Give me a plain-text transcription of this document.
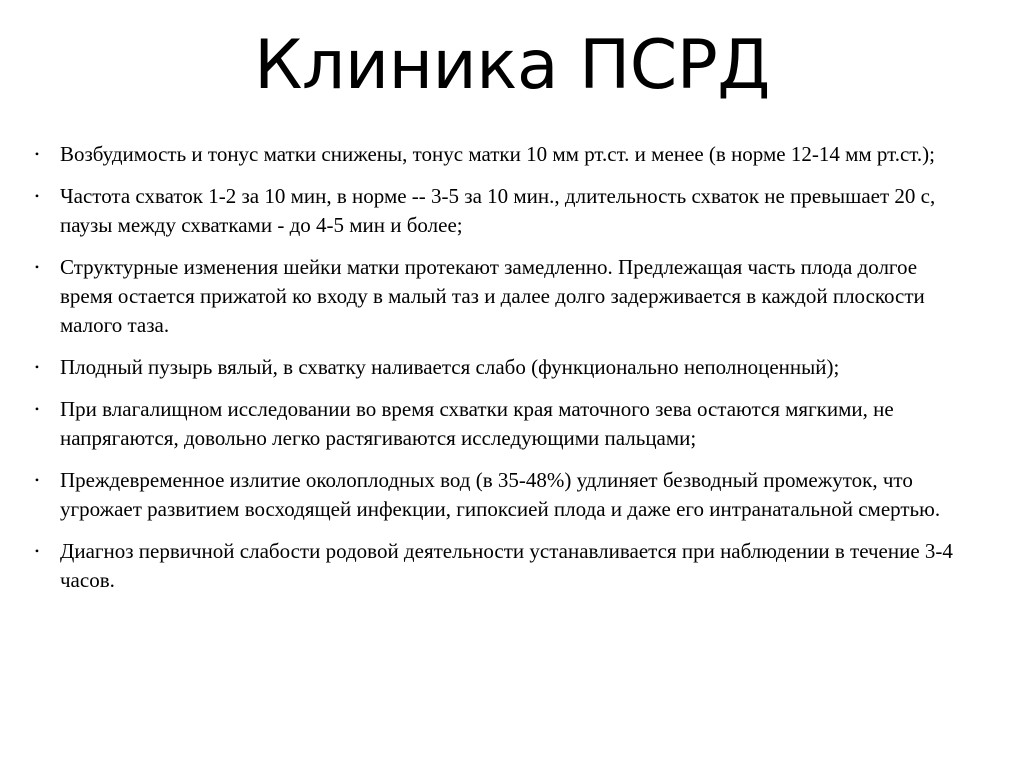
Клиника ПСРД
• Возбудимость и тонус матки снижены, тонус матки 10 мм рт.ст. и менее (в норме 12-14 мм рт.ст.);
• Частота схваток 1-2 за 10 мин, в норме -- 3-5 за 10 мин., длительность схваток не превышает 20 с, паузы между схватками - до 4-5 мин и более;
• Структурные изменения шейки матки протекают замедленно. Предлежащая часть плода долгое время остается прижатой ко входу в малый таз и далее долго задерживается в каждой плоскости малого таза.
• Плодный пузырь вялый, в схватку наливается слабо (функционально неполноценный);
• При влагалищном исследовании во время схватки края маточного зева остаются мягкими, не напрягаются, довольно легко растягиваются исследующими пальцами;
• Преждевременное излитие околоплодных вод (в 35-48%) удлиняет безводный промежуток, что угрожает развитием восходящей инфекции, гипоксией плода и даже его интранатальной смертью.
• Диагноз первичной слабости родовой деятельности устанавливается при наблюдении в течение 3-4 часов.
